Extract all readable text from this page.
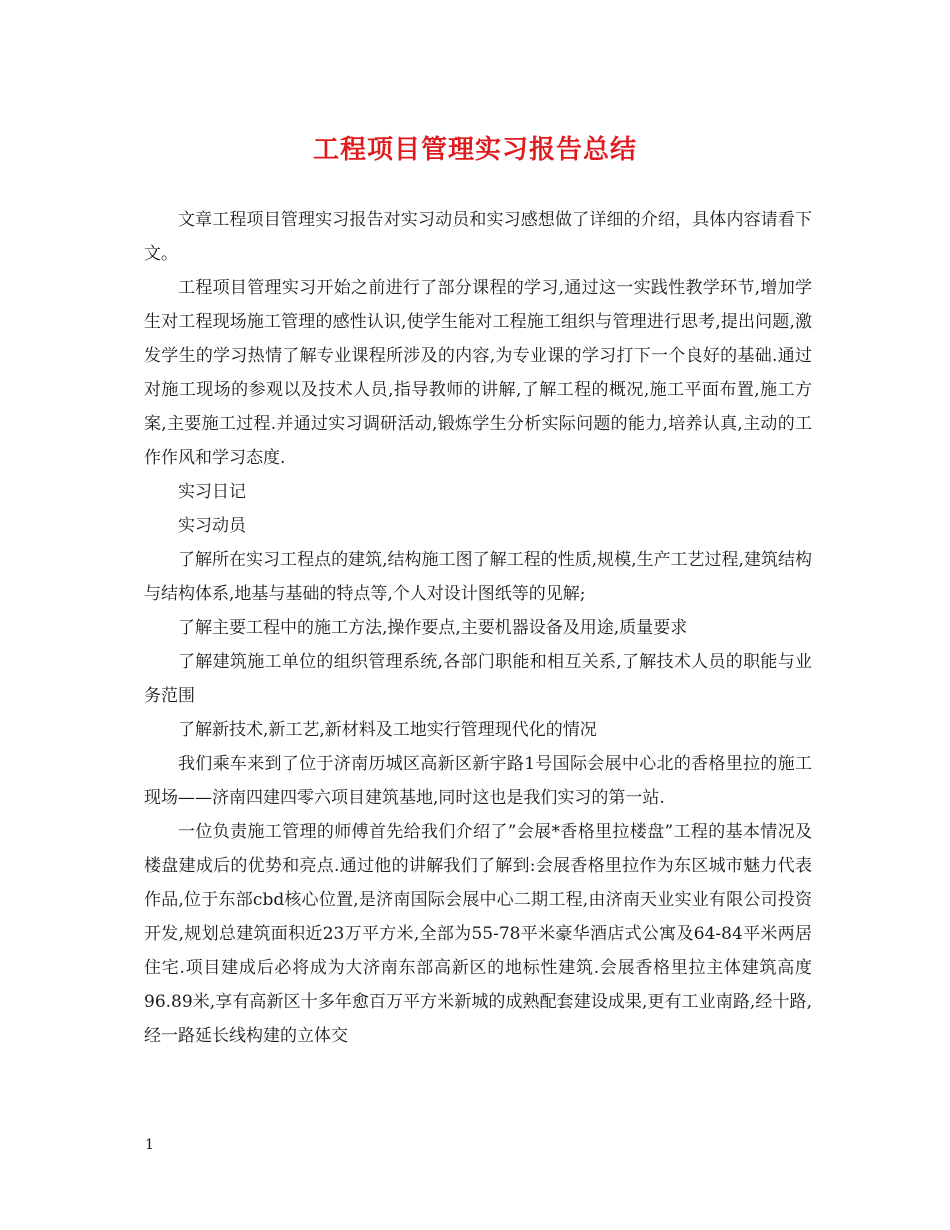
工程项目管理实习报告总结

文章工程项目管理实习报告对实习动员和实习感想做了详细的介绍，具体内容请看下文。

工程项目管理实习开始之前进行了部分课程的学习,通过这一实践性教学环节,增加学生对工程现场施工管理的感性认识,使学生能对工程施工组织与管理进行思考,提出问题,激发学生的学习热情了解专业课程所涉及的内容,为专业课的学习打下一个良好的基础.通过对施工现场的参观以及技术人员,指导教师的讲解,了解工程的概况,施工平面布置,施工方案,主要施工过程.并通过实习调研活动,锻炼学生分析实际问题的能力,培养认真,主动的工作作风和学习态度.

实习日记

实习动员

了解所在实习工程点的建筑,结构施工图了解工程的性质,规模,生产工艺过程,建筑结构与结构体系,地基与基础的特点等,个人对设计图纸等的见解;

了解主要工程中的施工方法,操作要点,主要机器设备及用途,质量要求

了解建筑施工单位的组织管理系统,各部门职能和相互关系,了解技术人员的职能与业务范围

了解新技术,新工艺,新材料及工地实行管理现代化的情况

我们乘车来到了位于济南历城区高新区新宇路1号国际会展中心北的香格里拉的施工现场——济南四建四零六项目建筑基地,同时这也是我们实习的第一站.

一位负责施工管理的师傅首先给我们介绍了”会展*香格里拉楼盘”工程的基本情况及楼盘建成后的优势和亮点.通过他的讲解我们了解到:会展香格里拉作为东区城市魅力代表作品,位于东部cbd核心位置,是济南国际会展中心二期工程,由济南天业实业有限公司投资开发,规划总建筑面积近23万平方米,全部为55-78平米豪华酒店式公寓及64-84平米两居住宅.项目建成后必将成为大济南东部高新区的地标性建筑.会展香格里拉主体建筑高度96.89米,享有高新区十多年愈百万平方米新城的成熟配套建设成果,更有工业南路,经十路,经一路延长线构建的立体交

1
